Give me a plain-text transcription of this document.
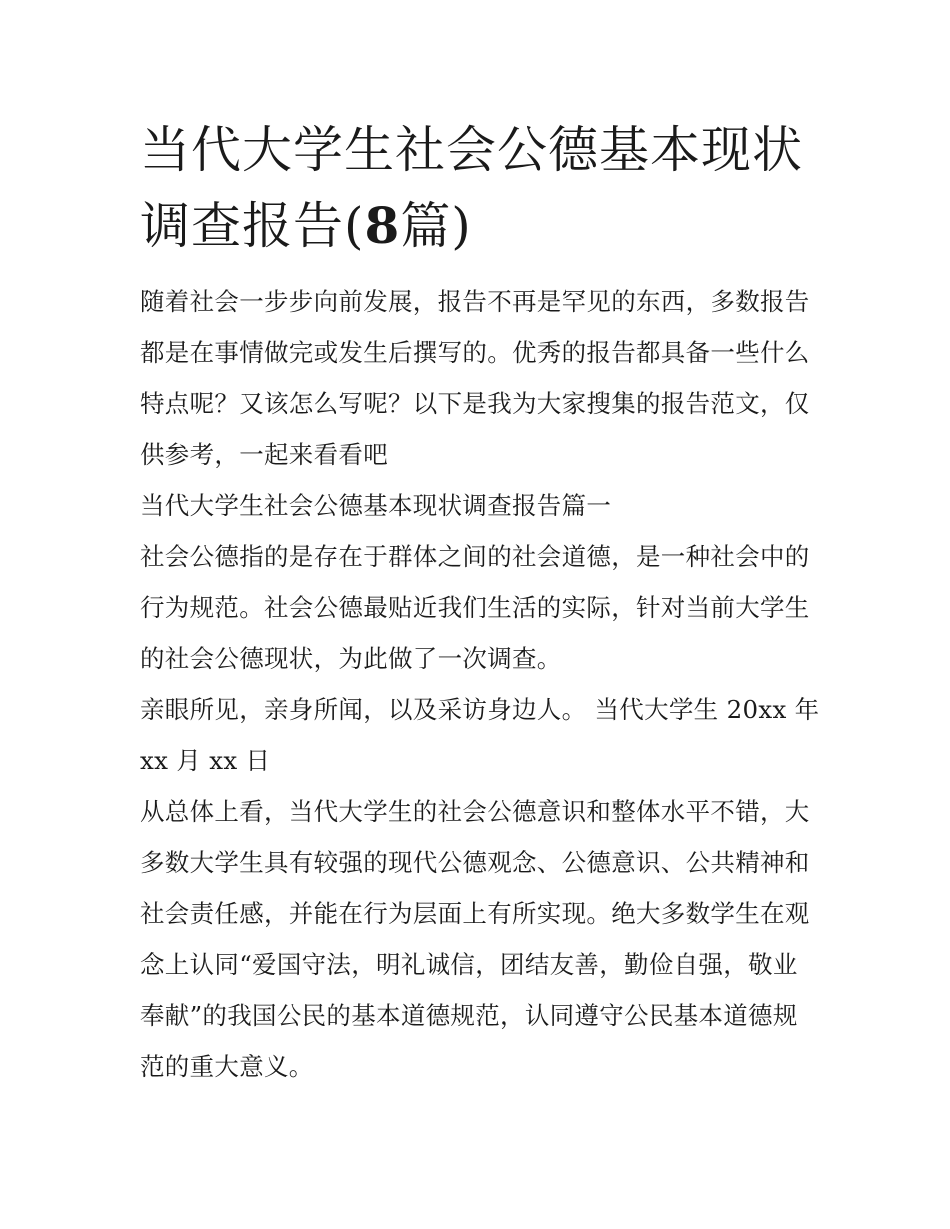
当代大学生社会公德基本现状调查报告(8篇)

随着社会一步步向前发展，报告不再是罕见的东西，多数报告都是在事情做完或发生后撰写的。优秀的报告都具备一些什么特点呢？又该怎么写呢？以下是我为大家搜集的报告范文，仅供参考，一起来看看吧

当代大学生社会公德基本现状调查报告篇一

社会公德指的是存在于群体之间的社会道德，是一种社会中的行为规范。社会公德最贴近我们生活的实际，针对当前大学生的社会公德现状，为此做了一次调查。

亲眼所见，亲身所闻，以及采访身边人。 当代大学生 20xx 年 xx 月 xx 日

从总体上看，当代大学生的社会公德意识和整体水平不错，大多数大学生具有较强的现代公德观念、公德意识、公共精神和社会责任感，并能在行为层面上有所实现。绝大多数学生在观念上认同“爱国守法，明礼诚信，团结友善，勤俭自强，敬业奉献”的我国公民的基本道德规范，认同遵守公民基本道德规范的重大意义。
